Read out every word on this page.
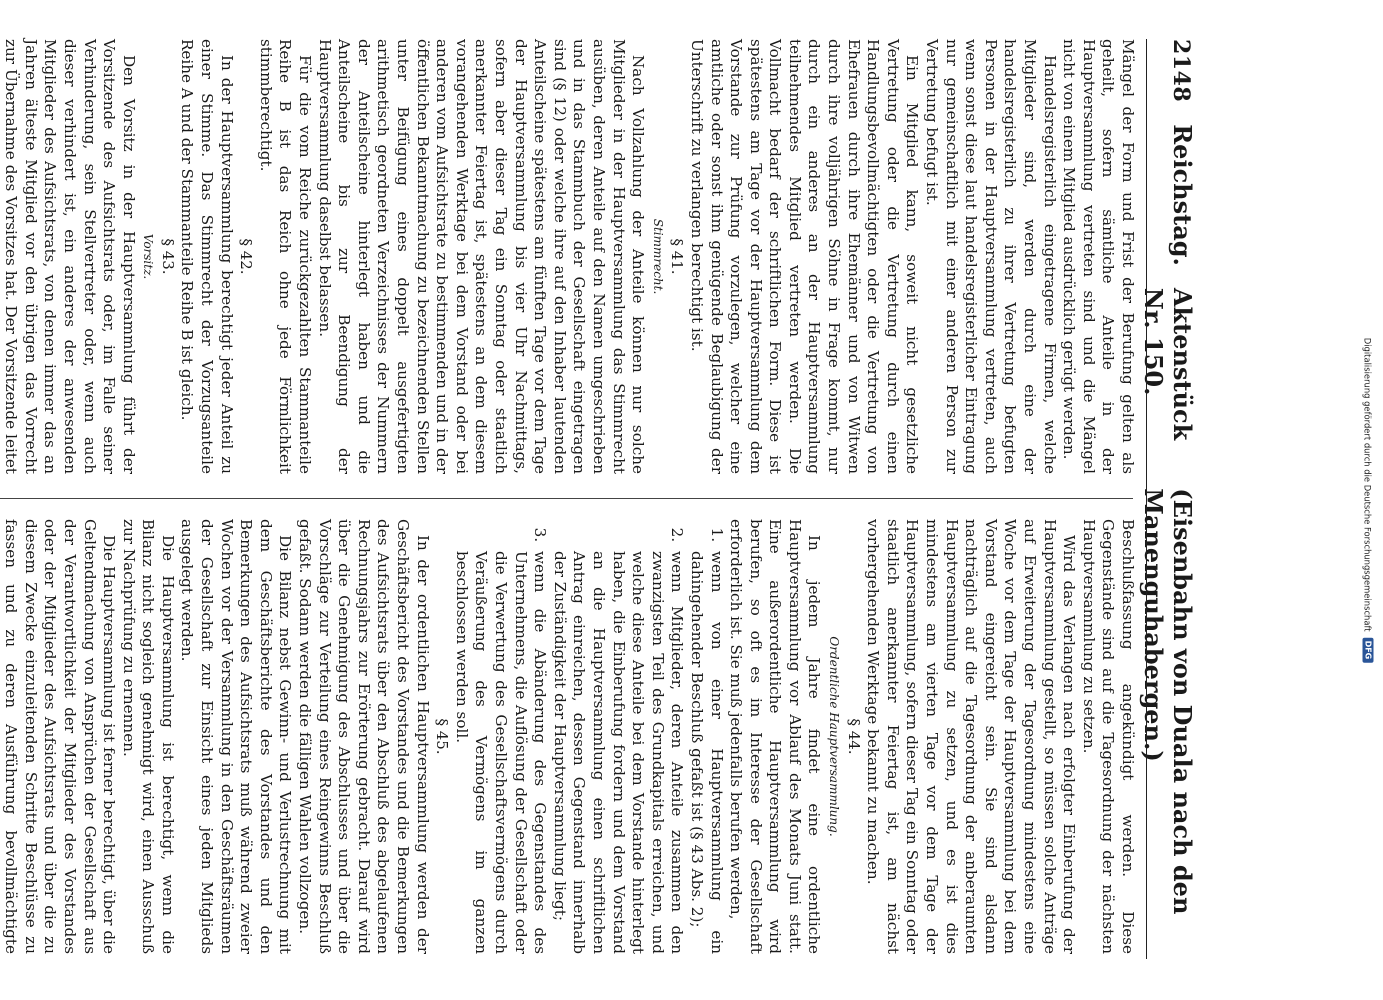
2148
Reichstag.
Aktenstück Nr. 150.
(Eisenbahn von Duala nach den Manenguhabergen.)

Mängel der Form und Frist der Berufung gelten als geheilt, sofern sämtliche Anteile in der Hauptversammlung vertreten sind und die Mängel nicht von einem Mitglied ausdrücklich gerügt werden.

Handelsregisterlich eingetragene Firmen, welche Mitglieder sind, werden durch eine der handelsregisterlich zu ihrer Vertretung befugten Personen in der Hauptversammlung vertreten, auch wenn sonst diese laut handelsregisterlicher Eintragung nur gemeinschaftlich mit einer anderen Person zur Vertretung befugt ist.

Ein Mitglied kann, soweit nicht gesetzliche Vertretung oder die Vertretung durch einen Handlungsbevollmächtigten oder die Vertretung von Ehefrauen durch ihre Ehemänner und von Witwen durch ihre volljährigen Söhne in Frage kommt, nur durch ein anderes an der Hauptversammlung teilnehmendes Mitglied vertreten werden. Die Vollmacht bedarf der schriftlichen Form. Diese ist spätestens am Tage vor der Hauptversammlung dem Vorstande zur Prüfung vorzulegen, welcher eine amtliche oder sonst ihm genügende Beglaubigung der Unterschrift zu verlangen berechtigt ist.

§ 41.

Stimmrecht.

Nach Vollzahlung der Anteile können nur solche Mitglieder in der Hauptversammlung das Stimmrecht ausüben, deren Anteile auf den Namen umgeschrieben und in das Stammbuch der Gesellschaft eingetragen sind (§ 12) oder welche ihre auf den Inhaber lautenden Anteilscheine spätestens am fünften Tage vor dem Tage der Hauptversammlung bis vier Uhr Nachmittags, sofern aber dieser Tag ein Sonntag oder staatlich anerkannter Feiertag ist, spätestens an dem diesem vorangehenden Werktage bei dem Vorstand oder bei anderen vom Aufsichtsrate zu bestimmenden und in der öffentlichen Bekanntmachung zu bezeichnenden Stellen unter Beifügung eines doppelt ausgefertigten arithmetisch geordneten Verzeichnisses der Nummern der Anteilscheine hinterlegt haben und die Anteilscheine bis zur Beendigung der Hauptversammlung daselbst belassen.

Für die vom Reiche zurückgezahlten Stammanteile Reihe B ist das Reich ohne jede Förmlichkeit stimmberechtigt.

§ 42.

In der Hauptversammlung berechtigt jeder Anteil zu einer Stimme. Das Stimmrecht der Vorzugsanteile Reihe A und der Stammanteile Reihe B ist gleich.

§ 43.

Vorsitz.

Den Vorsitz in der Hauptversammlung führt der Vorsitzende des Aufsichtsrats oder, im Falle seiner Verhinderung, sein Stellvertreter oder, wenn auch dieser verhindert ist, ein anderes der anwesenden Mitglieder des Aufsichtsrats, von denen immer das an Jahren älteste Mitglied vor den übrigen das Vorrecht zur Übernahme des Vorsitzes hat. Der Vorsitzende leitet

Beschlußfassung angekündigt werden. Diese Gegenstände sind auf die Tagesordnung der nächsten Hauptversammlung zu setzen.

Wird das Verlangen nach erfolgter Einberufung der Hauptversammlung gestellt, so müssen solche Anträge auf Erweiterung der Tagesordnung mindestens eine Woche vor dem Tage der Hauptversammlung bei dem Vorstand eingereicht sein. Sie sind alsdann nachträglich auf die Tagesordnung der anberaumten Hauptversammlung zu setzen, und es ist dies mindestens am vierten Tage vor dem Tage der Hauptversammlung, sofern dieser Tag ein Sonntag oder staatlich anerkannter Feiertag ist, am nächst vorhergehenden Werktage bekannt zu machen.

§ 44.

Ordentliche Hauptversammlung.

In jedem Jahre findet eine ordentliche Hauptversammlung vor Ablauf des Monats Juni statt. Eine außerordentliche Hauptversammlung wird berufen, so oft es im Interesse der Gesellschaft erforderlich ist. Sie muß jedenfalls berufen werden,

1. wenn von einer Hauptversammlung ein dahingehender Beschluß gefaßt ist (§ 43 Abs. 2);
2. wenn Mitglieder, deren Anteile zusammen den zwanzigsten Teil des Grundkapitals erreichen, und welche diese Anteile bei dem Vorstande hinterlegt haben, die Einberufung fordern und dem Vorstand an die Hauptversammlung einen schriftlichen Antrag einreichen, dessen Gegenstand innerhalb der Zuständigkeit der Hauptversammlung liegt;
3. wenn die Abänderung des Gegenstandes des Unternehmens, die Auflösung der Gesellschaft oder die Verwertung des Gesellschaftsvermögens durch Veräußerung des Vermögens im ganzen beschlossen werden soll.

§ 45.

In der ordentlichen Hauptversammlung werden der Geschäftsbericht des Vorstandes und die Bemerkungen des Aufsichtsrats über den Abschluß des abgelaufenen Rechnungsjahrs zur Erörterung gebracht. Darauf wird über die Genehmigung des Abschlusses und über die Vorschläge zur Verteilung eines Reingewinns Beschluß gefaßt. Sodann werden die fälligen Wahlen vollzogen.

Die Bilanz nebst Gewinn- und Verlustrechnung mit dem Geschäftsberichte des Vorstandes und den Bemerkungen des Aufsichtsrats muß während zweier Wochen vor der Versammlung in den Geschäftsräumen der Gesellschaft zur Einsicht eines jeden Mitglieds ausgelegt werden.

Die Hauptversammlung ist berechtigt, wenn die Bilanz nicht sogleich genehmigt wird, einen Ausschuß zur Nachprüfung zu ernennen.

Die Hauptversammlung ist ferner berechtigt, über die Geltendmachung von Ansprüchen der Gesellschaft aus der Verantwortlichkeit der Mitglieder des Vorstandes oder der Mitglieder des Aufsichtsrats und über die zu diesem Zwecke einzuleitenden Schritte Beschlüsse zu fassen und zu deren Ausführung bevollmächtigte

Digitalisierung gefördert durch die Deutsche Forschungsgemeinschaft
DFG
